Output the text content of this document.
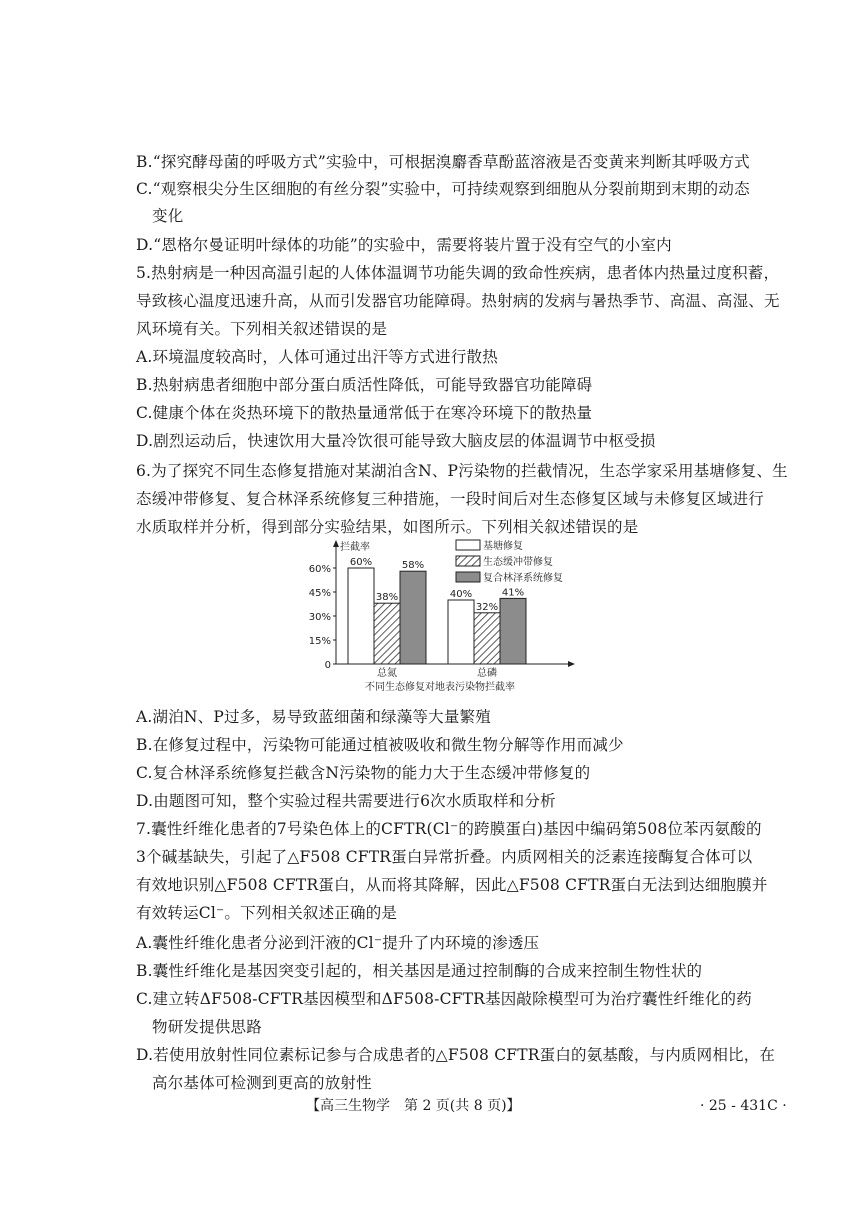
B.“探究酵母菌的呼吸方式”实验中，可根据溴麝香草酚蓝溶液是否变黄来判断其呼吸方式
C.“观察根尖分生区细胞的有丝分裂”实验中，可持续观察到细胞从分裂前期到末期的动态
变化
D.“恩格尔曼证明叶绿体的功能”的实验中，需要将装片置于没有空气的小室内
5.热射病是一种因高温引起的人体体温调节功能失调的致命性疾病，患者体内热量过度积蓄，
导致核心温度迅速升高，从而引发器官功能障碍。热射病的发病与暑热季节、高温、高湿、无
风环境有关。下列相关叙述错误的是
A.环境温度较高时，人体可通过出汗等方式进行散热
B.热射病患者细胞中部分蛋白质活性降低，可能导致器官功能障碍
C.健康个体在炎热环境下的散热量通常低于在寒冷环境下的散热量
D.剧烈运动后，快速饮用大量冷饮很可能导致大脑皮层的体温调节中枢受损
6.为了探究不同生态修复措施对某湖泊含N、P污染物的拦截情况，生态学家采用基塘修复、生
态缓冲带修复、复合林泽系统修复三种措施，一段时间后对生态修复区域与未修复区域进行
水质取样并分析，得到部分实验结果，如图所示。下列相关叙述错误的是
A.湖泊N、P过多，易导致蓝细菌和绿藻等大量繁殖
B.在修复过程中，污染物可能通过植被吸收和微生物分解等作用而减少
C.复合林泽系统修复拦截含N污染物的能力大于生态缓冲带修复的
D.由题图可知，整个实验过程共需要进行6次水质取样和分析
7.囊性纤维化患者的7号染色体上的CFTR(Cl⁻的跨膜蛋白)基因中编码第508位苯丙氨酸的
3个碱基缺失，引起了△F508 CFTR蛋白异常折叠。内质网相关的泛素连接酶复合体可以
有效地识别△F508 CFTR蛋白，从而将其降解，因此△F508 CFTR蛋白无法到达细胞膜并
有效转运Cl⁻。下列相关叙述正确的是
A.囊性纤维化患者分泌到汗液的Cl⁻提升了内环境的渗透压
B.囊性纤维化是基因突变引起的，相关基因是通过控制酶的合成来控制生物性状的
C.建立转ΔF508-CFTR基因模型和ΔF508-CFTR基因敲除模型可为治疗囊性纤维化的药
物研发提供思路
D.若使用放射性同位素标记参与合成患者的△F508 CFTR蛋白的氨基酸，与内质网相比，在
高尔基体可检测到更高的放射性
拦截率
60%
45%
30%
15%
0
60%
38%
58%
总氮
40%
32%
41%
总磷
不同生态修复对地表污染物拦截率
基塘修复
生态缓冲带修复
复合林泽系统修复
【高三生物学　第 2 页(共 8 页)】	· 25 - 431C ·
